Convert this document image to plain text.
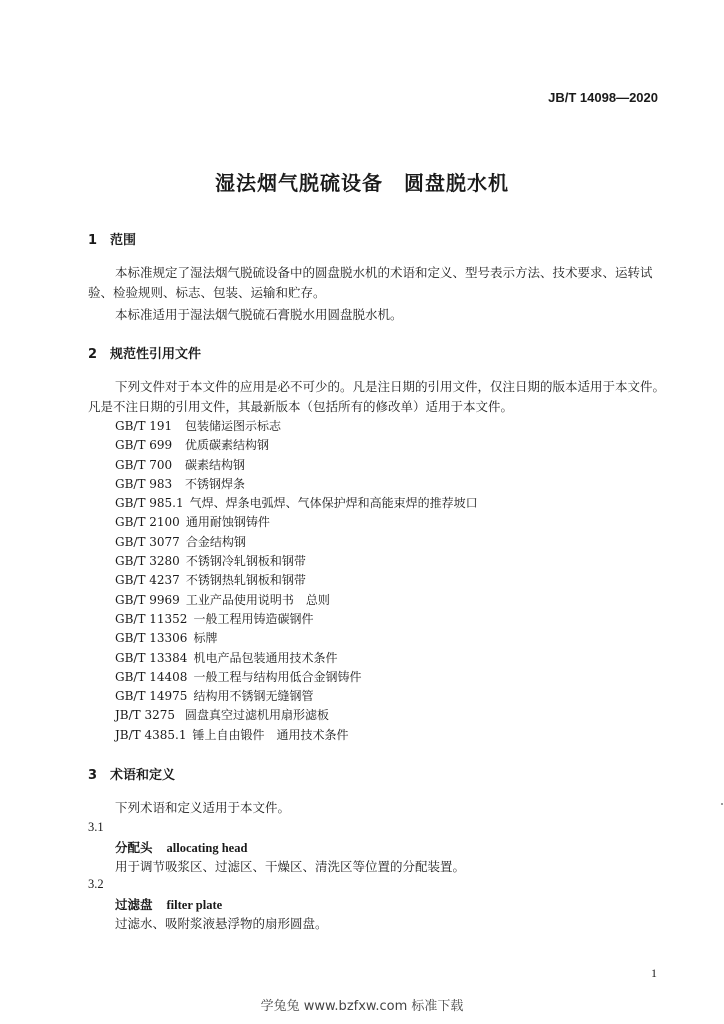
JB/T 14098—2020
湿法烟气脱硫设备　圆盘脱水机
1 范围
本标准规定了湿法烟气脱硫设备中的圆盘脱水机的术语和定义、型号表示方法、技术要求、运转试验、检验规则、标志、包装、运输和贮存。
本标准适用于湿法烟气脱硫石膏脱水用圆盘脱水机。
2 规范性引用文件
下列文件对于本文件的应用是必不可少的。凡是注日期的引用文件，仅注日期的版本适用于本文件。凡是不注日期的引用文件，其最新版本（包括所有的修改单）适用于本文件。
GB/T 191 包装储运图示标志
GB/T 699 优质碳素结构钢
GB/T 700 碳素结构钢
GB/T 983 不锈钢焊条
GB/T 985.1 气焊、焊条电弧焊、气体保护焊和高能束焊的推荐坡口
GB/T 2100 通用耐蚀钢铸件
GB/T 3077 合金结构钢
GB/T 3280 不锈钢冷轧钢板和钢带
GB/T 4237 不锈钢热轧钢板和钢带
GB/T 9969 工业产品使用说明书　总则
GB/T 11352 一般工程用铸造碳钢件
GB/T 13306 标牌
GB/T 13384 机电产品包装通用技术条件
GB/T 14408 一般工程与结构用低合金钢铸件
GB/T 14975 结构用不锈钢无缝钢管
JB/T 3275 圆盘真空过滤机用扇形滤板
JB/T 4385.1 锤上自由锻件　通用技术条件
3 术语和定义
下列术语和定义适用于本文件。
3.1
分配头 allocating head
用于调节吸浆区、过滤区、干燥区、清洗区等位置的分配装置。
3.2
过滤盘 filter plate
过滤水、吸附浆液悬浮物的扇形圆盘。
1
学兔兔 www.bzfxw.com 标准下载
